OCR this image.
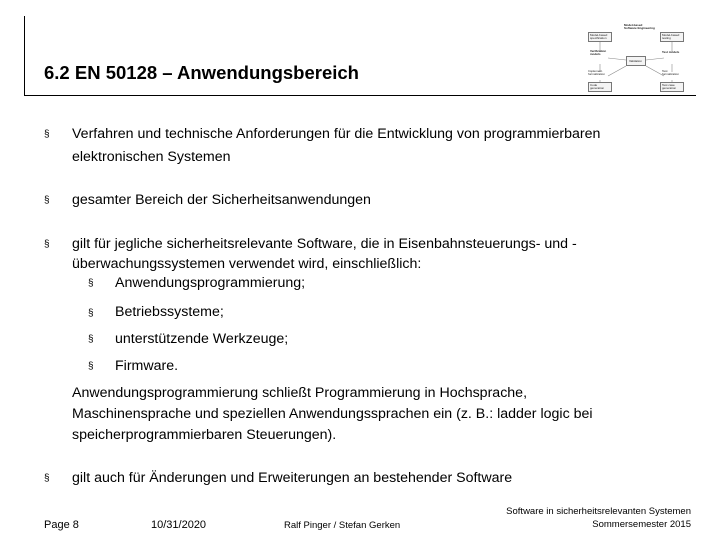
6.2 EN 50128 – Anwendungsbereich
Model-based
Software Engineering
Model-based
specification
Model-based
testing
Verification
models
Test models
Validation
Implement.
formalization
Test
formalization
Code
generation
Test case
generation
§ Verfahren und technische Anforderungen für die Entwicklung von programmierbaren
elektronischen Systemen
§ gesamter Bereich der Sicherheitsanwendungen
§ gilt für jegliche sicherheitsrelevante Software, die in Eisenbahnsteuerungs- und -
überwachungssystemen verwendet wird, einschließlich:
§ Anwendungsprogrammierung;
§ Betriebssysteme;
§ unterstützende Werkzeuge;
§ Firmware.
Anwendungsprogrammierung schließt Programmierung in Hochsprache,
Maschinensprache und speziellen Anwendungssprachen ein (z. B.: ladder logic bei
speicherprogrammierbaren Steuerungen).
§ gilt auch für Änderungen und Erweiterungen an bestehender Software
Page 8	10/31/2020	Ralf Pinger / Stefan Gerken
Software in sicherheitsrelevanten Systemen
Sommersemester 2015
